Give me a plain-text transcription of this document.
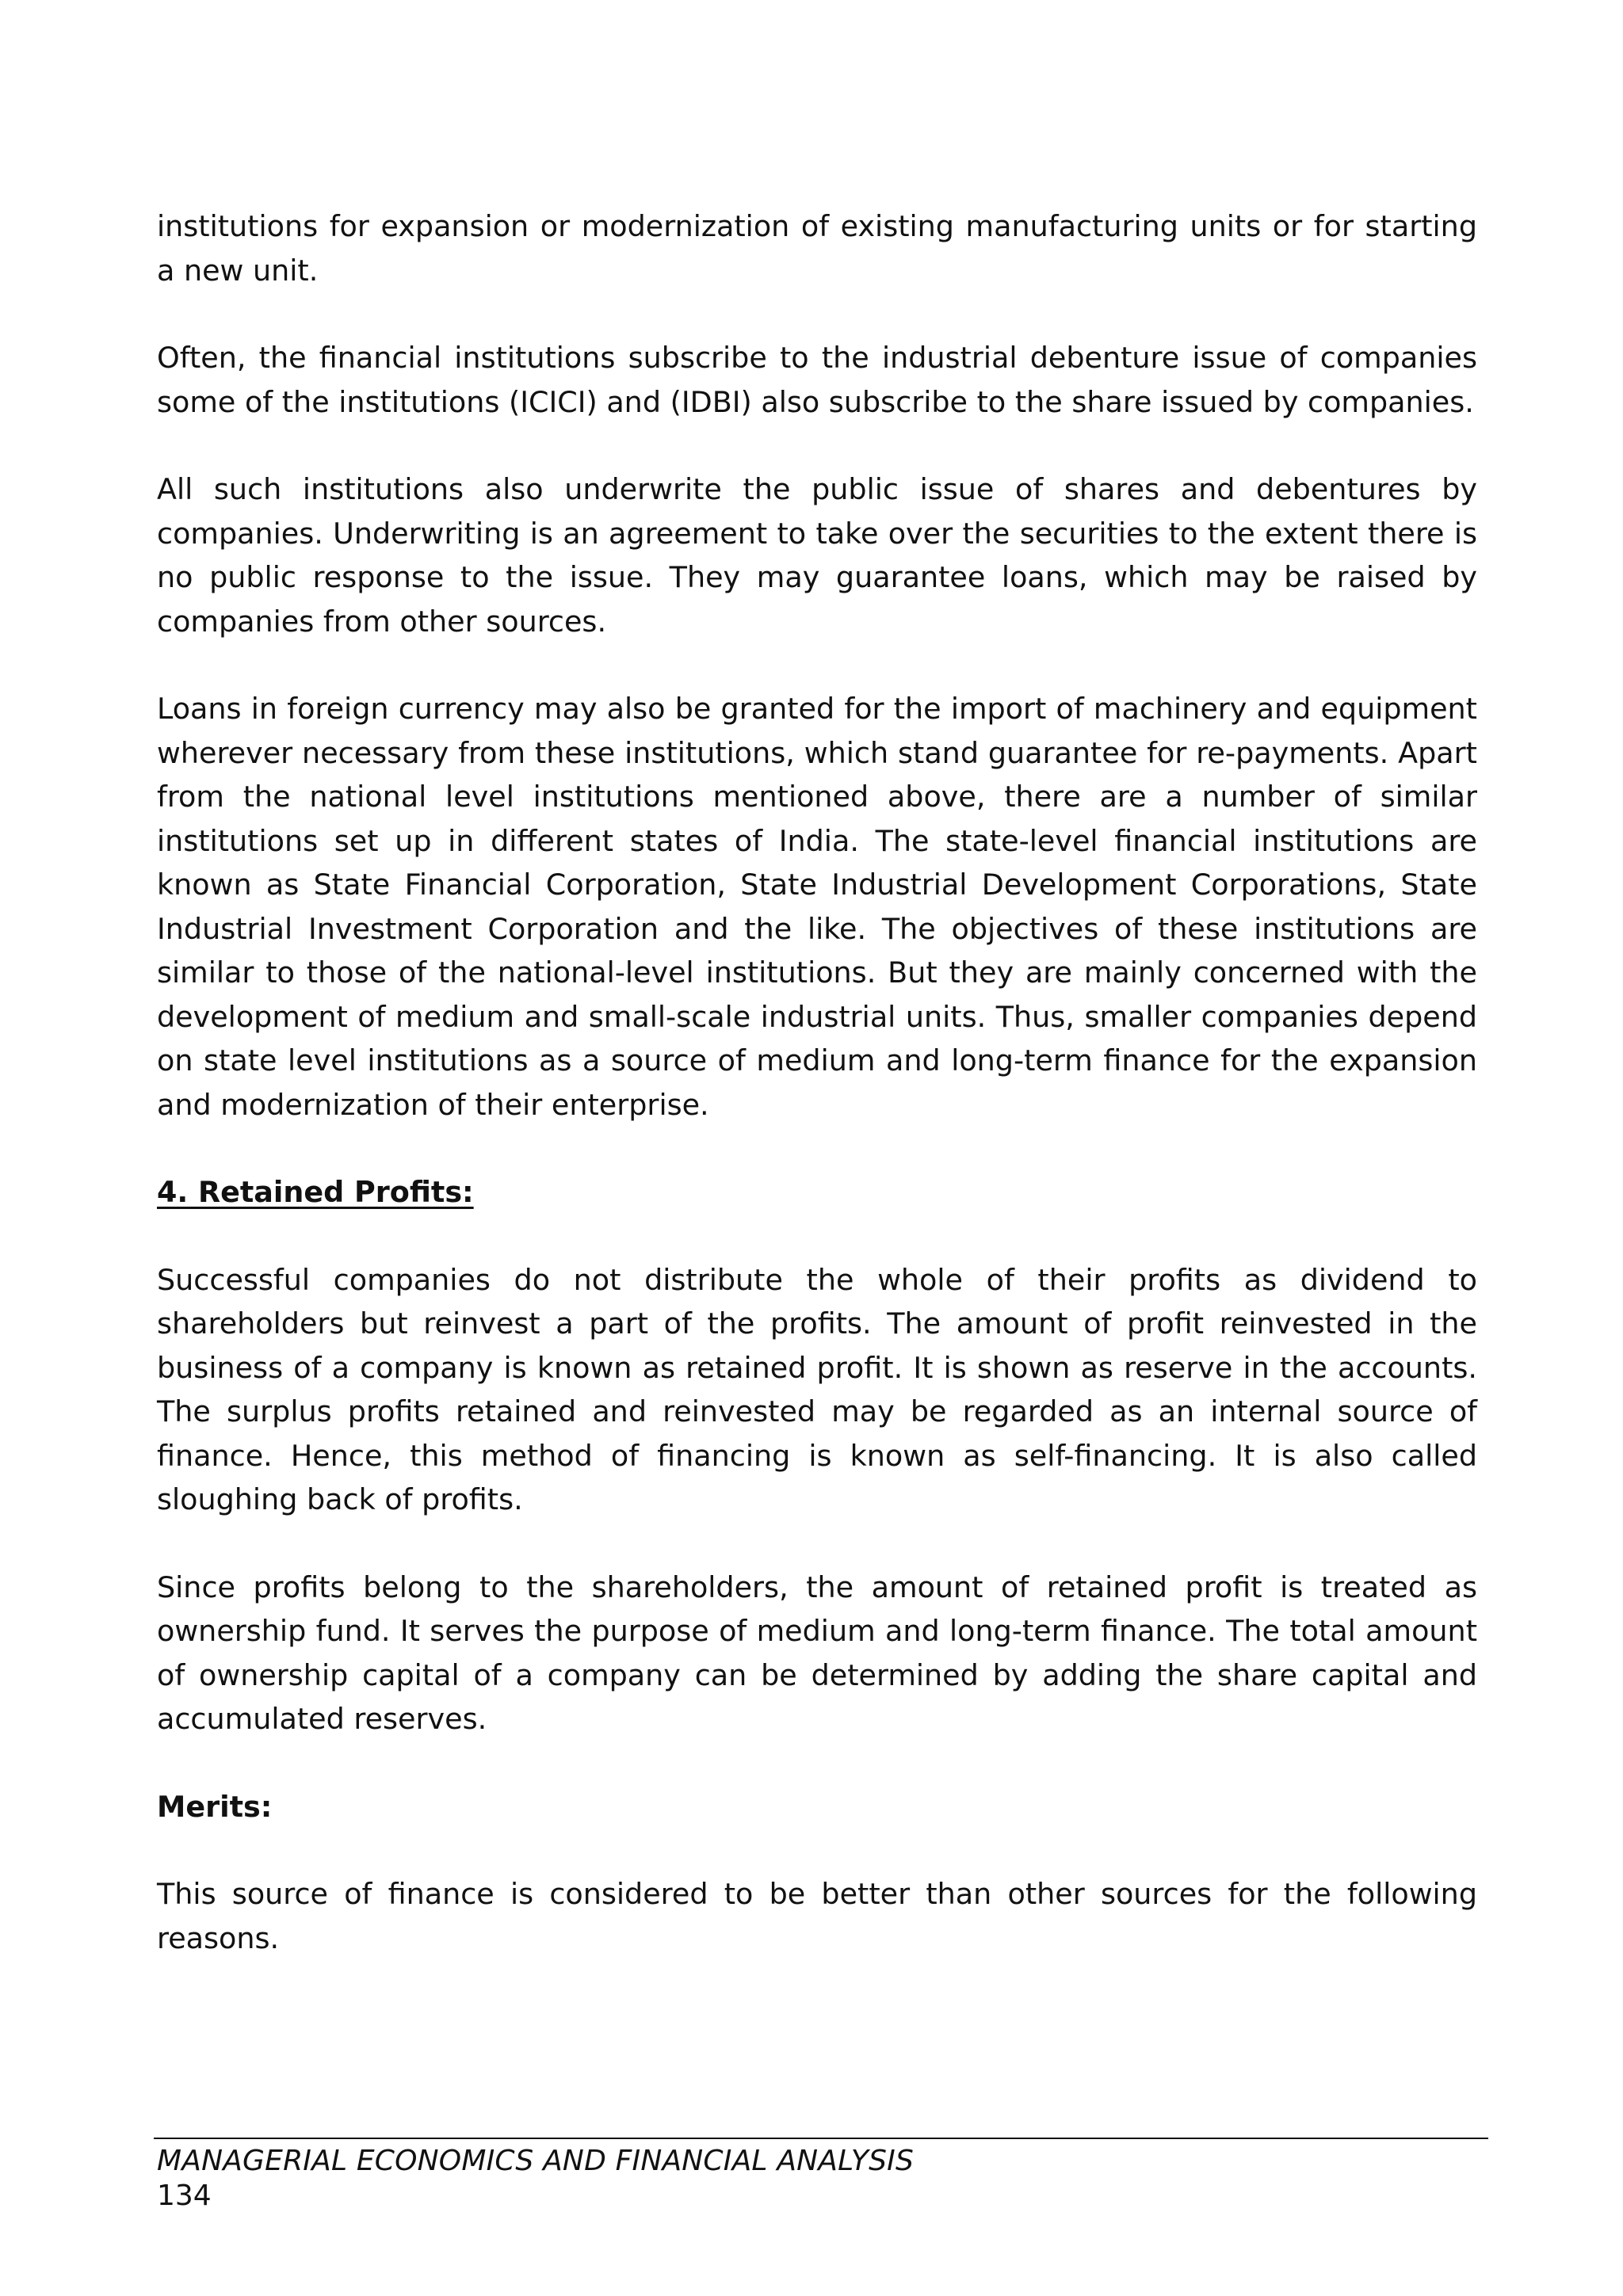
institutions for expansion or modernization of existing manufacturing units or for starting a new unit.

Often, the financial institutions subscribe to the industrial debenture issue of companies some of the institutions (ICICI) and (IDBI) also subscribe to the share issued by companies.

All such institutions also underwrite the public issue of shares and debentures by companies. Underwriting is an agreement to take over the securities to the extent there is no public response to the issue. They may guarantee loans, which may be raised by companies from other sources.

Loans in foreign currency may also be granted for the import of machinery and equipment wherever necessary from these institutions, which stand guarantee for re-payments. Apart from the national level institutions mentioned above, there are a number of similar institutions set up in different states of India. The state-level financial institutions are known as State Financial Corporation, State Industrial Development Corporations, State Industrial Investment Corporation and the like. The objectives of these institutions are similar to those of the national-level institutions. But they are mainly concerned with the development of medium and small-scale industrial units. Thus, smaller companies depend on state level institutions as a source of medium and long-term finance for the expansion and modernization of their enterprise.

4. Retained Profits:

Successful companies do not distribute the whole of their profits as dividend to shareholders but reinvest a part of the profits. The amount of profit reinvested in the business of a company is known as retained profit. It is shown as reserve in the accounts. The surplus profits retained and reinvested may be regarded as an internal source of finance. Hence, this method of financing is known as self-financing. It is also called sloughing back of profits.

Since profits belong to the shareholders, the amount of retained profit is treated as ownership fund. It serves the purpose of medium and long-term finance. The total amount of ownership capital of a company can be determined by adding the share capital and accumulated reserves.

Merits:

This source of finance is considered to be better than other sources for the following reasons.

MANAGERIAL ECONOMICS AND FINANCIAL ANALYSIS
134
